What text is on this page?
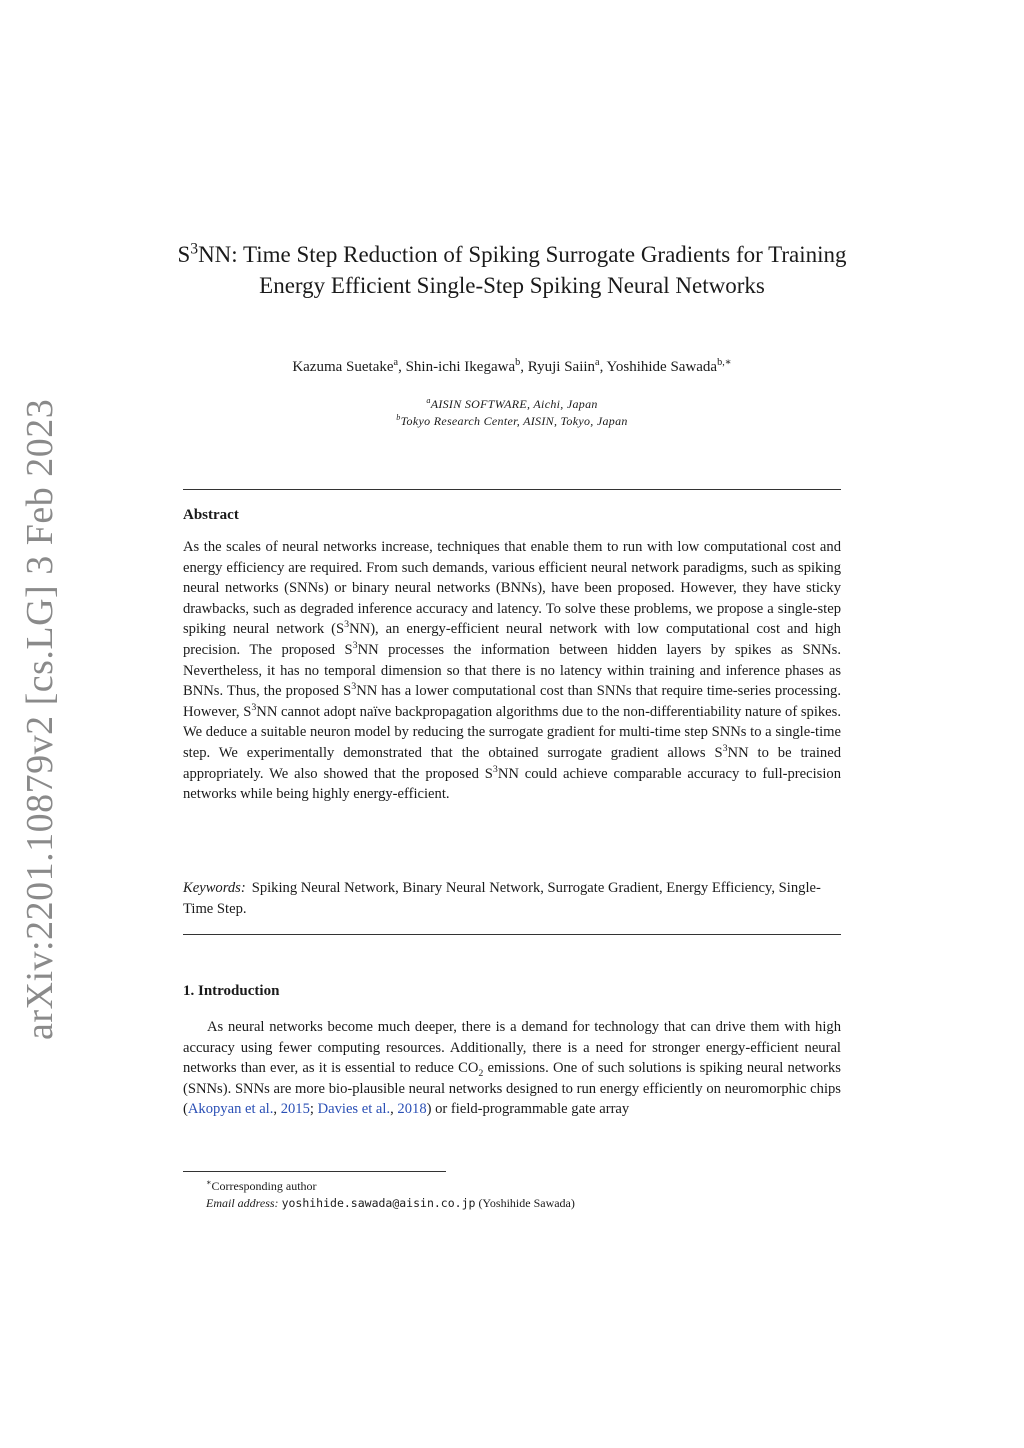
arXiv:2201.10879v2 [cs.LG] 3 Feb 2023
$S^3NN$: Time Step Reduction of Spiking Surrogate Gradients for Training Energy Efficient Single-Step Spiking Neural Networks
Kazuma Suetake$^a$, Shin-ichi Ikegawa$^b$, Ryuji Saiin$^a$, Yoshihide Sawada$^{b,∗}$
$^a$AISIN SOFTWARE, Aichi, Japan
$^b$Tokyo Research Center, AISIN, Tokyo, Japan
Abstract
As the scales of neural networks increase, techniques that enable them to run with low computational cost and energy efficiency are required. From such demands, various efficient neural network paradigms, such as spiking neural networks (SNNs) or binary neural networks (BNNs), have been proposed. However, they have sticky drawbacks, such as degraded inference accuracy and latency. To solve these problems, we propose a single-step spiking neural network $(S^3NN)$, an energy-efficient neural network with low computational cost and high precision. The proposed $S^3NN$ processes the information between hidden layers by spikes as SNNs. Nevertheless, it has no temporal dimension so that there is no latency within training and inference phases as BNNs. Thus, the proposed $S^3NN$ has a lower computational cost than SNNs that require time-series processing. However, $S^3NN$ cannot adopt naïve backpropagation algorithms due to the non-differentiability nature of spikes. We deduce a suitable neuron model by reducing the surrogate gradient for multi-time step SNNs to a single-time step. We experimentally demonstrated that the obtained surrogate gradient allows $S^3NN$ to be trained appropriately. We also showed that the proposed $S^3NN$ could achieve comparable accuracy to full-precision networks while being highly energy-efficient.
Keywords: Spiking Neural Network, Binary Neural Network, Surrogate Gradient, Energy Efficiency, Single-Time Step.
1. Introduction
As neural networks become much deeper, there is a demand for technology that can drive them with high accuracy using fewer computing resources. Additionally, there is a need for stronger energy-efficient neural networks than ever, as it is essential to reduce $CO_2$ emissions. One of such solutions is spiking neural networks (SNNs). SNNs are more bio-plausible neural networks designed to run energy efficiently on neuromorphic chips (Akopyan et al., 2015; Davies et al., 2018) or field-programmable gate array
∗Corresponding author
Email address: yoshihide.sawada@aisin.co.jp (Yoshihide Sawada)
